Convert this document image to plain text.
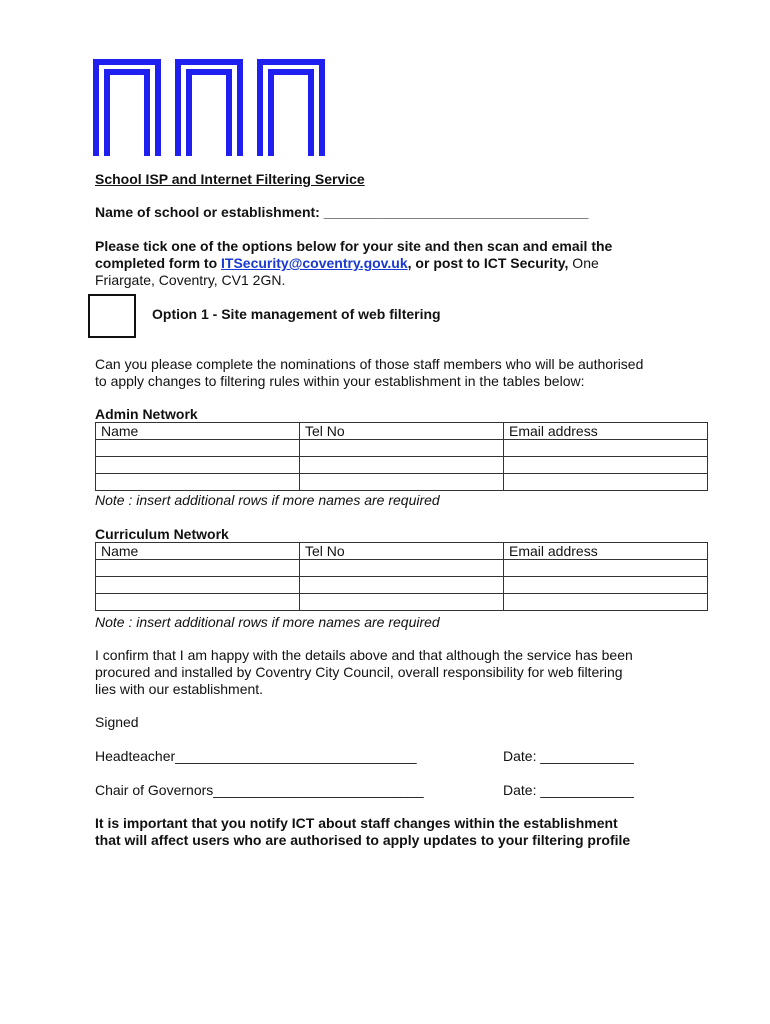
School ISP and Internet Filtering Service
Name of school or establishment: __________________________________
Please tick one of the options below for your site and then scan and email the
completed form to ITSecurity@coventry.gov.uk, or post to ICT Security, One
Friargate, Coventry, CV1 2GN.
Option 1 - Site management of web filtering
Can you please complete the nominations of those staff members who will be authorised
to apply changes to filtering rules within your establishment in the tables below:
Admin Network
Name	Tel No	Email address

Note : insert additional rows if more names are required
Curriculum Network
Name	Tel No	Email address

Note : insert additional rows if more names are required
I confirm that I am happy with the details above and that although the service has been
procured and installed by Coventry City Council, overall responsibility for web filtering
lies with our establishment.
Signed
Headteacher_______________________________	Date: ____________
Chair of Governors___________________________	Date: ____________
It is important that you notify ICT about staff changes within the establishment
that will affect users who are authorised to apply updates to your filtering profile
